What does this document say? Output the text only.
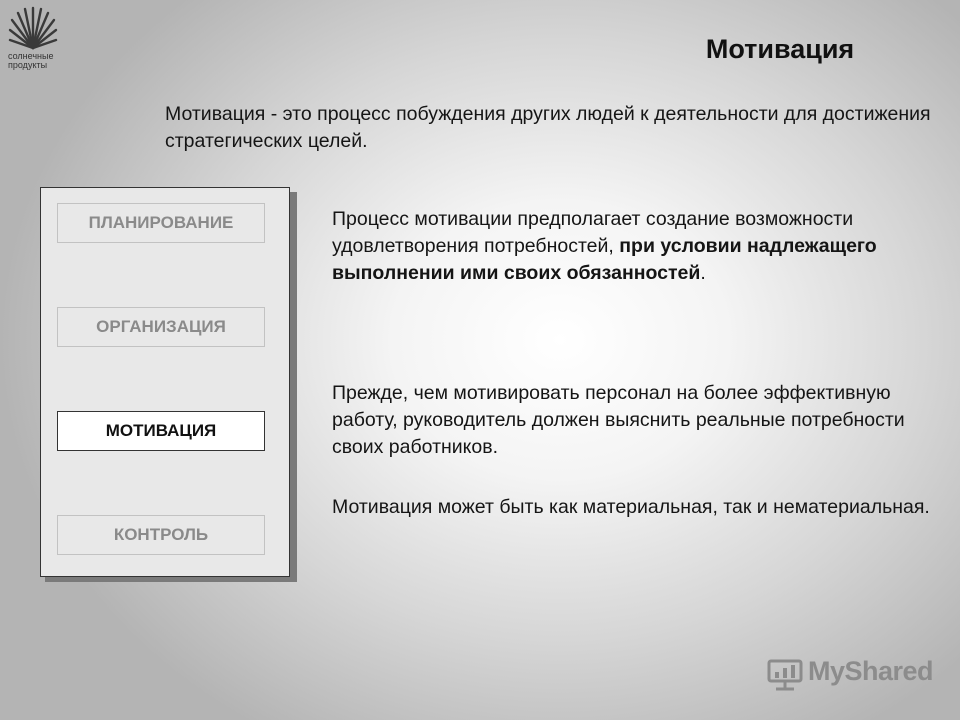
солнечные
продукты
Мотивация
Мотивация - это процесс побуждения других людей к деятельности для достижения стратегических целей.
ПЛАНИРОВАНИЕ
ОРГАНИЗАЦИЯ
МОТИВАЦИЯ
КОНТРОЛЬ
Процесс мотивации предполагает создание возможности удовлетворения потребностей, при условии надлежащего выполнении ими своих обязанностей.
Прежде, чем мотивировать персонал на более эффективную работу, руководитель должен выяснить реальные потребности своих работников.
Мотивация может быть как материальная, так и нематериальная.
MyShared
